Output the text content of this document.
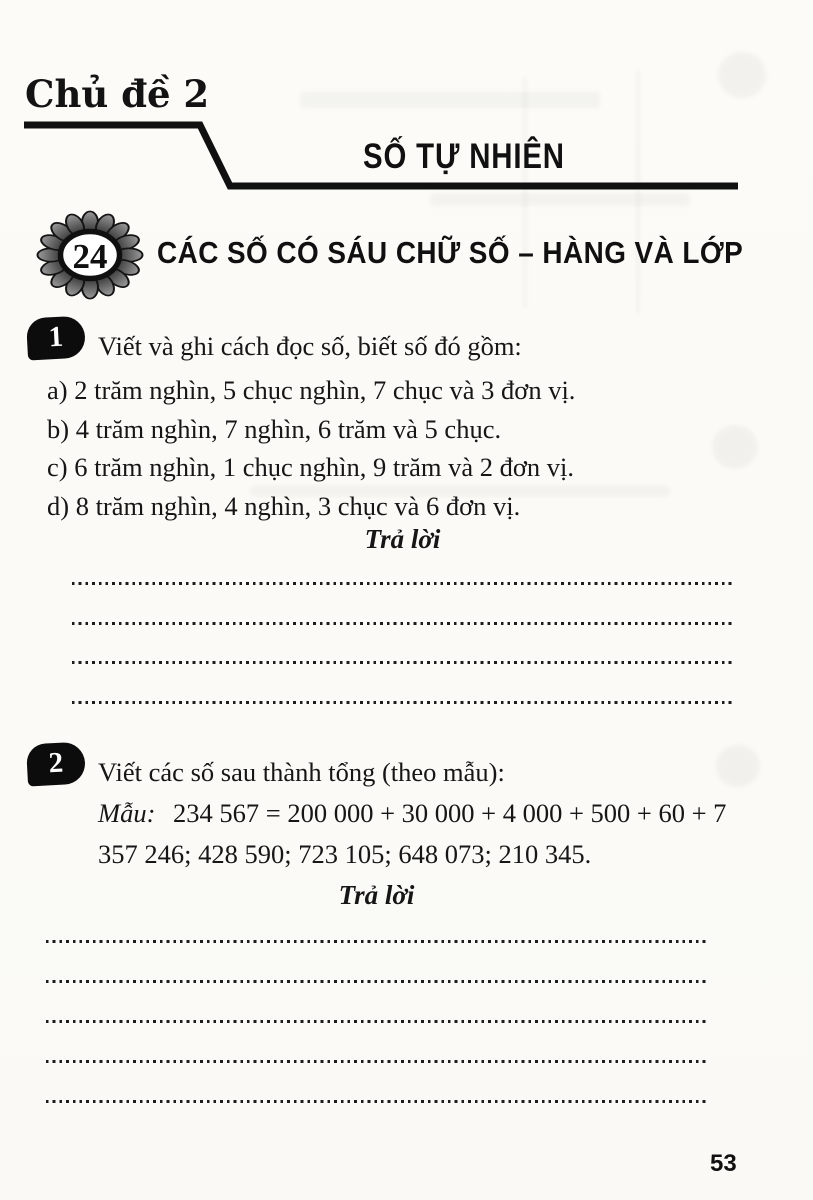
Chủ đề 2
SỐ TỰ NHIÊN
24 CÁC SỐ CÓ SÁU CHỮ SỐ – HÀNG VÀ LỚP
1 Viết và ghi cách đọc số, biết số đó gồm:
a) 2 trăm nghìn, 5 chục nghìn, 7 chục và 3 đơn vị.
b) 4 trăm nghìn, 7 nghìn, 6 trăm và 5 chục.
c) 6 trăm nghìn, 1 chục nghìn, 9 trăm và 2 đơn vị.
d) 8 trăm nghìn, 4 nghìn, 3 chục và 6 đơn vị.
Trả lời
2 Viết các số sau thành tổng (theo mẫu):
Mẫu: 234 567 = 200 000 + 30 000 + 4 000 + 500 + 60 + 7
357 246; 428 590; 723 105; 648 073; 210 345.
Trả lời
53
